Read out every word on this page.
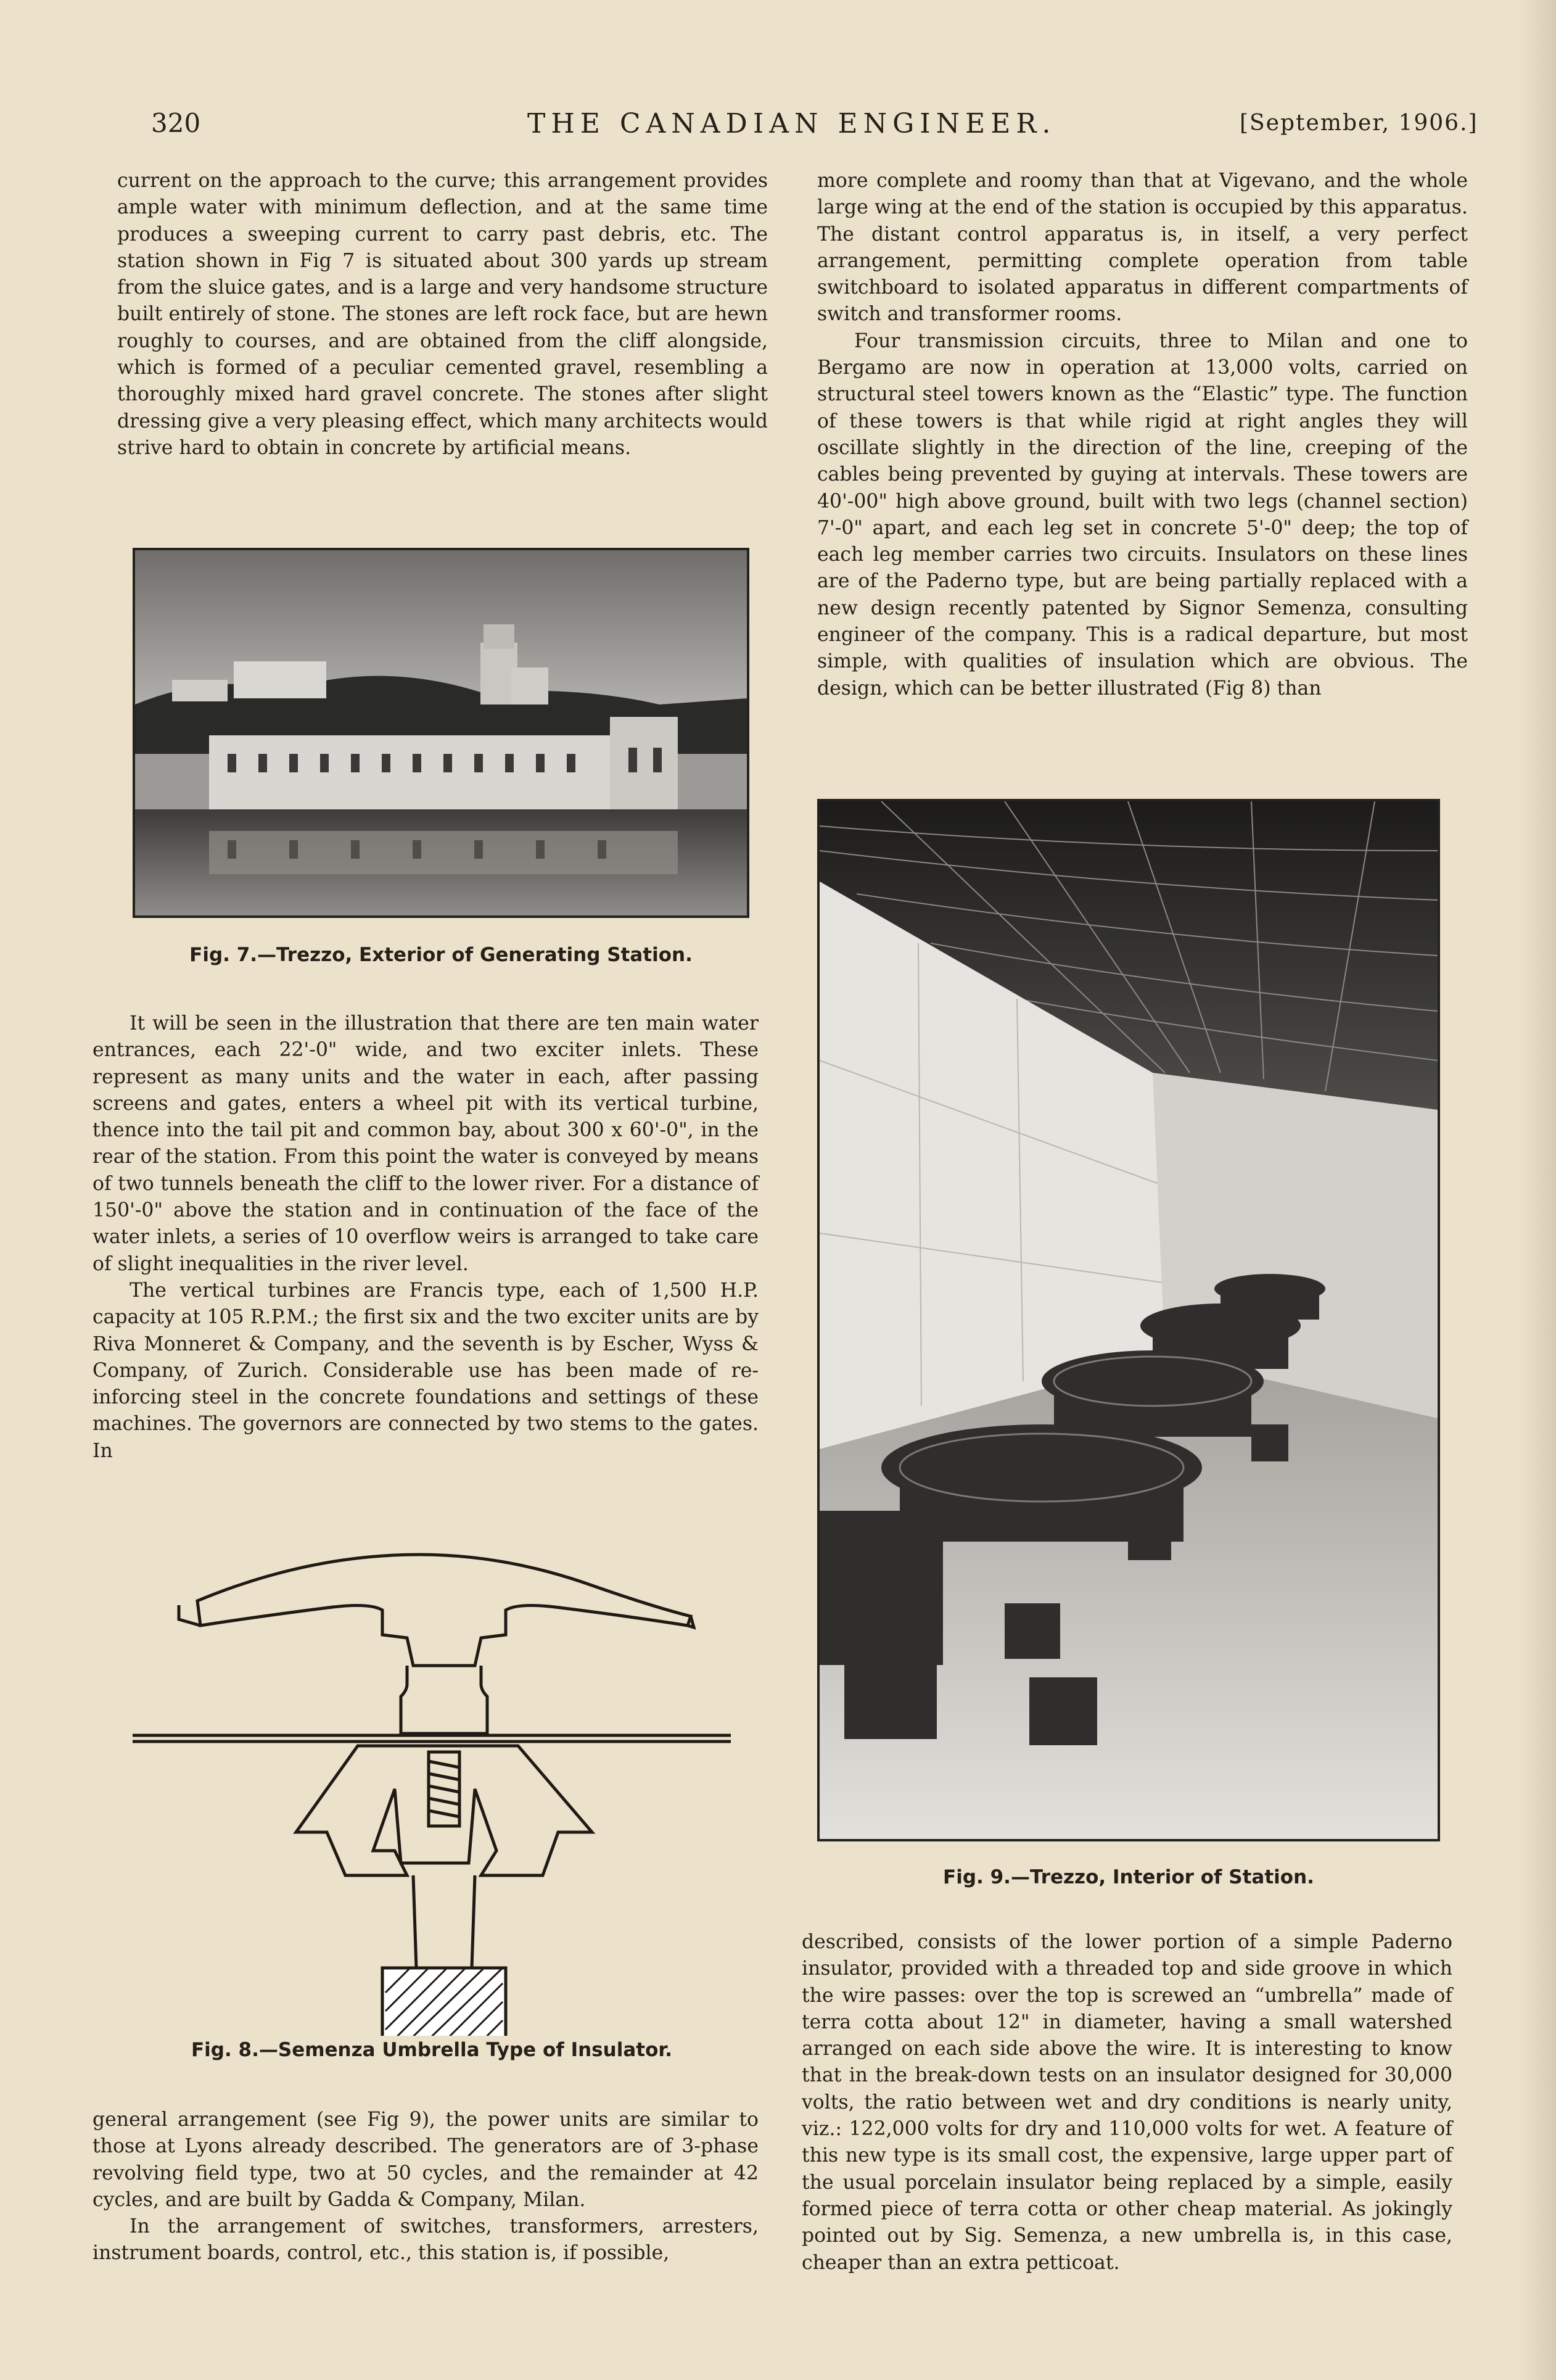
320	THE CANADIAN ENGINEER.	[September, 1906.]

current on the approach to the curve; this arrangement provides ample water with minimum deflection, and at the same time produces a sweeping current to carry past debris, etc. The station shown in Fig 7 is situated about 300 yards up stream from the sluice gates, and is a large and very handsome structure built entirely of stone. The stones are left rock face, but are hewn roughly to courses, and are obtained from the cliff alongside, which is formed of a peculiar cemented gravel, resembling a thoroughly mixed hard gravel concrete. The stones after slight dressing give a very pleasing effect, which many architects would strive hard to obtain in concrete by artificial means.

Fig. 7.—Trezzo, Exterior of Generating Station.

It will be seen in the illustration that there are ten main water entrances, each 22'-0" wide, and two exciter inlets. These represent as many units and the water in each, after passing screens and gates, enters a wheel pit with its vertical turbine, thence into the tail pit and common bay, about 300 x 60'-0", in the rear of the station. From this point the water is conveyed by means of two tunnels beneath the cliff to the lower river. For a distance of 150'-0" above the station and in continuation of the face of the water inlets, a series of 10 overflow weirs is arranged to take care of slight inequalities in the river level.

The vertical turbines are Francis type, each of 1,500 H.P. capacity at 105 R.P.M.; the first six and the two exciter units are by Riva Monneret & Company, and the seventh is by Escher, Wyss & Company, of Zurich. Considerable use has been made of re-inforcing steel in the concrete foundations and settings of these machines. The governors are connected by two stems to the gates. In

Fig. 8.—Semenza Umbrella Type of Insulator.

general arrangement (see Fig 9), the power units are similar to those at Lyons already described. The generators are of 3-phase revolving field type, two at 50 cycles, and the remainder at 42 cycles, and are built by Gadda & Company, Milan.

In the arrangement of switches, transformers, arresters, instrument boards, control, etc., this station is, if possible,

more complete and roomy than that at Vigevano, and the whole large wing at the end of the station is occupied by this apparatus. The distant control apparatus is, in itself, a very perfect arrangement, permitting complete operation from table switchboard to isolated apparatus in different compartments of switch and transformer rooms.

Four transmission circuits, three to Milan and one to Bergamo are now in operation at 13,000 volts, carried on structural steel towers known as the “Elastic” type. The function of these towers is that while rigid at right angles they will oscillate slightly in the direction of the line, creeping of the cables being prevented by guying at intervals. These towers are 40'-00" high above ground, built with two legs (channel section) 7'-0" apart, and each leg set in concrete 5'-0" deep; the top of each leg member carries two circuits. Insulators on these lines are of the Paderno type, but are being partially replaced with a new design recently patented by Signor Semenza, consulting engineer of the company. This is a radical departure, but most simple, with qualities of insulation which are obvious. The design, which can be better illustrated (Fig 8) than

Fig. 9.—Trezzo, Interior of Station.

described, consists of the lower portion of a simple Paderno insulator, provided with a threaded top and side groove in which the wire passes: over the top is screwed an “umbrella” made of terra cotta about 12" in diameter, having a small watershed arranged on each side above the wire. It is interesting to know that in the break-down tests on an insulator designed for 30,000 volts, the ratio between wet and dry conditions is nearly unity, viz.: 122,000 volts for dry and 110,000 volts for wet. A feature of this new type is its small cost, the expensive, large upper part of the usual porcelain insulator being replaced by a simple, easily formed piece of terra cotta or other cheap material. As jokingly pointed out by Sig. Semenza, a new umbrella is, in this case, cheaper than an extra petticoat.
